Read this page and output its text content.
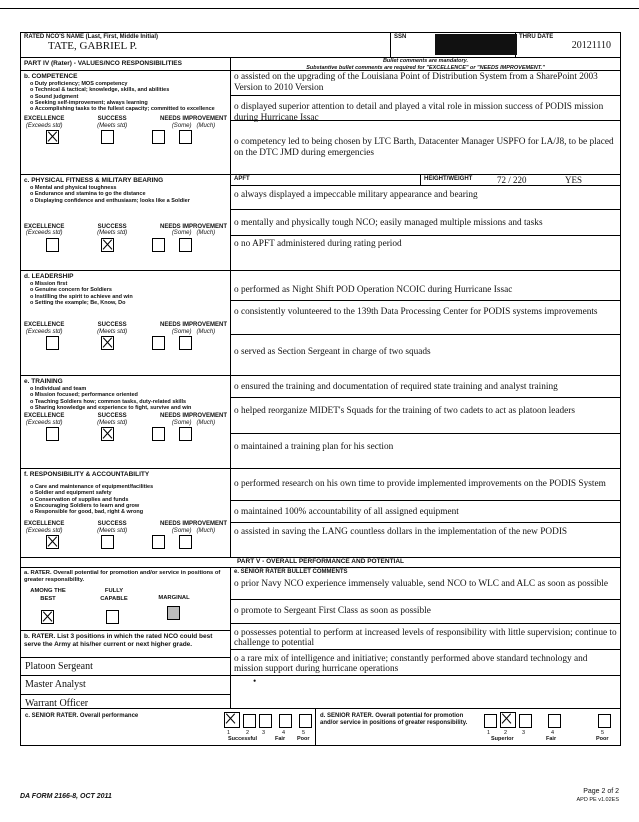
RATED NCO'S NAME (Last, First, Middle Initial)
TATE, GABRIEL P.
SSN	THRU DATE
20121110
PART IV (Rater) - VALUES/NCO RESPONSIBILITIES	Bullet comments are mandatory.
Substantive bullet comments are required for "EXCELLENCE" or "NEEDS IMPROVEMENT."
b. COMPETENCE
o Duty proficiency; MOS competency
o Technical & tactical; knowledge, skills, and abilities
o Sound judgment
o Seeking self-improvement; always learning
o Accomplishing tasks to the fullest capacity; committed to excellence
EXCELLENCE
(Exceeds std)
SUCCESS
(Meets std)
NEEDS IMPROVEMENT
(Some) (Much)
o assisted on the upgrading of the Louisiana Point of Distribution System from a SharePoint 2003 Version to 2010 Version
o displayed superior attention to detail and played a vital role in mission success of PODIS mission during Hurricane Issac
o competency led to being chosen by LTC Barth, Datacenter Manager USPFO for LA/J8, to be placed on the DTC JMD during emergencies
c. PHYSICAL FITNESS & MILITARY BEARING
o Mental and physical toughness
o Endurance and stamina to go the distance
o Displaying confidence and enthusiasm; looks like a Soldier
EXCELLENCE
(Exceeds std)
SUCCESS
(Meets std)
NEEDS IMPROVEMENT
(Some) (Much)
APFT	HEIGHT/WEIGHT	72 / 220	YES
o always displayed a impeccable military appearance and bearing
o mentally and physically tough NCO; easily managed multiple missions and tasks
o no APFT administered during rating period
d. LEADERSHIP
o Mission first
o Genuine concern for Soldiers
o Instilling the spirit to achieve and win
o Setting the example; Be, Know, Do
EXCELLENCE
(Exceeds std)
SUCCESS
(Meets std)
NEEDS IMPROVEMENT
(Some) (Much)
o performed as Night Shift POD Operation NCOIC during Hurricane Issac
o consistently volunteered to the 139th Data Processing Center for PODIS systems improvements
o served as Section Sergeant in charge of two squads
e. TRAINING
o Individual and team
o Mission focused; performance oriented
o Teaching Soldiers how; common tasks, duty-related skills
o Sharing knowledge and experience to fight, survive and win
EXCELLENCE
(Exceeds std)
SUCCESS
(Meets std)
NEEDS IMPROVEMENT
(Some) (Much)
o ensured the training and documentation of required state training and analyst training
o helped reorganize MIDET's Squads for the training of two cadets to act as platoon leaders
o maintained a training plan for his section
f. RESPONSIBILITY & ACCOUNTABILITY
o Care and maintenance of equipment/facilities
o Soldier and equipment safety
o Conservation of supplies and funds
o Encouraging Soldiers to learn and grow
o Responsible for good, bad, right & wrong
EXCELLENCE
(Exceeds std)
SUCCESS
(Meets std)
NEEDS IMPROVEMENT
(Some) (Much)
o performed research on his own time to provide implemented improvements on the PODIS System
o maintained 100% accountability of all assigned equipment
o assisted in saving the LANG countless dollars in the implementation of the new PODIS
PART V - OVERALL PERFORMANCE AND POTENTIAL
a. RATER. Overall potential for promotion and/or service in positions of greater responsibility.
AMONG THE BEST
FULLY CAPABLE	MARGINAL
b. RATER. List 3 positions in which the rated NCO could best serve the Army at his/her current or next higher grade.
Platoon Sergeant
Master Analyst
Warrant Officer
e. SENIOR RATER BULLET COMMENTS
o prior Navy NCO experience immensely valuable, send NCO to WLC and ALC as soon as possible
o promote to Sergeant First Class as soon as possible
o possesses potential to perform at increased levels of responsibility with little supervision; continue to challenge to potential
o a rare mix of intelligence and initiative; constantly performed above standard technology and mission support during hurricane operations
•
c. SENIOR RATER. Overall performance
1	2 3	4	5
Successful	Fair Poor
d. SENIOR RATER. Overall potential for promotion and/or service in positions of greater responsibility.
1	2	3	4	5
Superior	Fair	Poor
DA FORM 2166-8, OCT 2011
Page 2 of 2
APD PE v1.02ES
